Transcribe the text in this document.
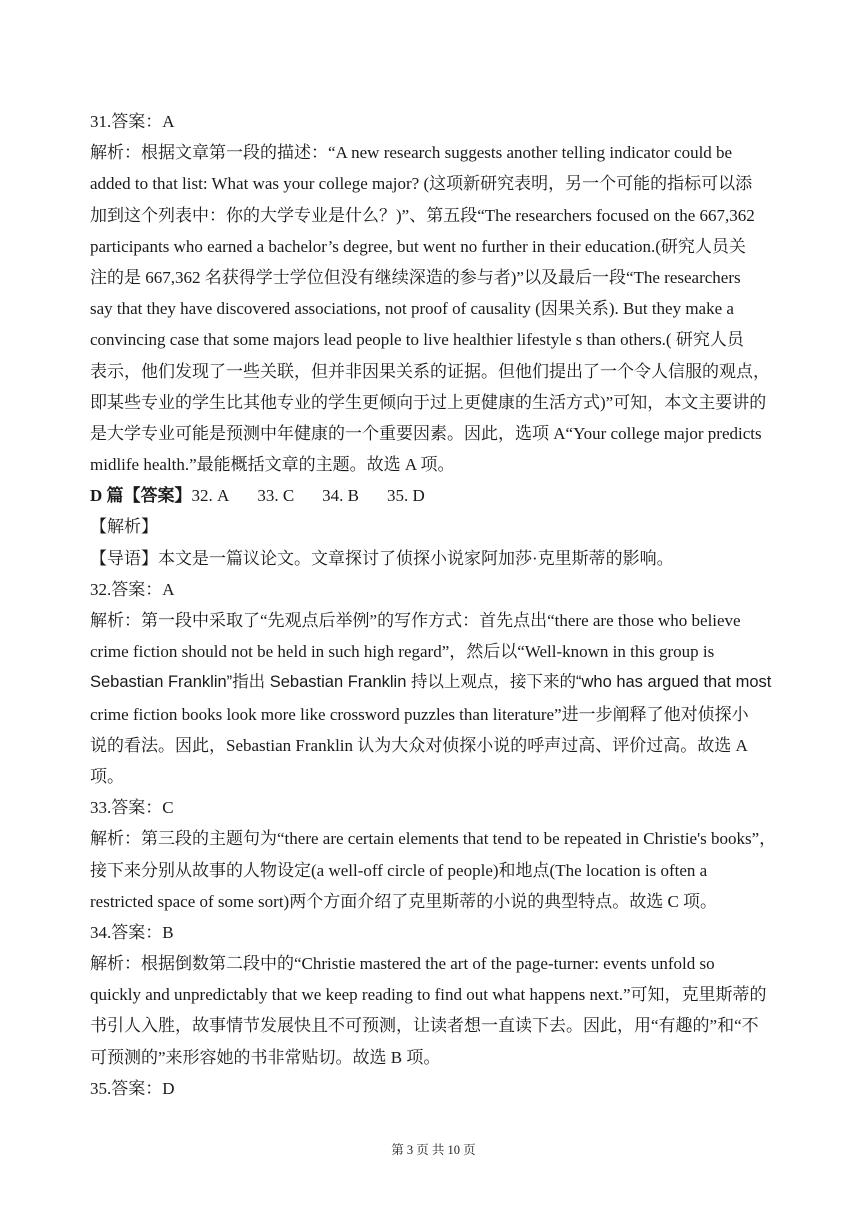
31.答案：A

解析：根据文章第一段的描述：“A new research suggests another telling indicator could be

added to that list: What was your college major? (这项新研究表明，另一个可能的指标可以添

加到这个列表中：你的大学专业是什么？)”、第五段“The researchers focused on the 667,362

participants who earned a bachelor’s degree, but went no further in their education.(研究人员关

注的是 667,362 名获得学士学位但没有继续深造的参与者)”以及最后一段“The researchers

say that they have discovered associations, not proof of causality (因果关系). But they make a

convincing case that some majors lead people to live healthier lifestyle s than others.( 研究人员

表示，他们发现了一些关联，但并非因果关系的证据。但他们提出了一个令人信服的观点，

即某些专业的学生比其他专业的学生更倾向于过上更健康的生活方式)”可知，本文主要讲的

是大学专业可能是预测中年健康的一个重要因素。因此，选项 A“Your college major predicts

midlife health.”最能概括文章的主题。故选 A 项。

D 篇【答案】32. A 33. C 34. B 35. D

【解析】

【导语】本文是一篇议论文。文章探讨了侦探小说家阿加莎·克里斯蒂的影响。

32.答案：A

解析：第一段中采取了“先观点后举例”的写作方式：首先点出“there are those who believe

crime fiction should not be held in such high regard”，然后以“Well-known in this group is

Sebastian Franklin”指出 Sebastian Franklin 持以上观点，接下来的“who has argued that most

crime fiction books look more like crossword puzzles than literature”进一步阐释了他对侦探小

说的看法。因此，Sebastian Franklin 认为大众对侦探小说的呼声过高、评价过高。故选 A

项。

33.答案：C

解析：第三段的主题句为“there are certain elements that tend to be repeated in Christie's books”，

接下来分别从故事的人物设定(a well-off circle of people)和地点(The location is often a

restricted space of some sort)两个方面介绍了克里斯蒂的小说的典型特点。故选 C 项。

34.答案：B

解析：根据倒数第二段中的“Christie mastered the art of the page-turner: events unfold so

quickly and unpredictably that we keep reading to find out what happens next.”可知，克里斯蒂的

书引人入胜，故事情节发展快且不可预测，让读者想一直读下去。因此，用“有趣的”和“不

可预测的”来形容她的书非常贴切。故选 B 项。

35.答案：D

第 3 页 共 10 页
